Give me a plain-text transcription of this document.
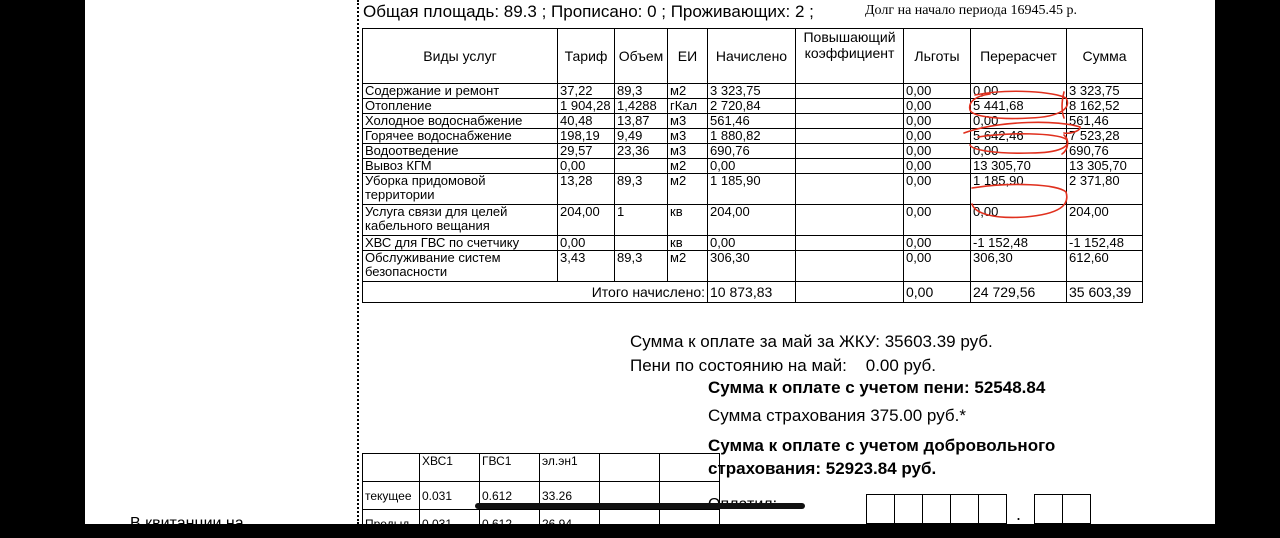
Общая площадь: 89.3 ; Прописано: 0 ; Проживающих: 2 ;	Долг на начало периода 16945.45 р.
Виды услуг	Тариф	Объем	ЕИ	Начислено	Повышающий коэффициент	Льготы	Перерасчет	Сумма
Содержание и ремонт	37,22	89,3	м2	3 323,75		0,00	0,00	3 323,75
Отопление	1 904,28	1,4288	гКал	2 720,84		0,00	5 441,68	8 162,52
Холодное водоснабжение	40,48	13,87	м3	561,46		0,00	0,00	561,46
Горячее водоснабжение	198,19	9,49	м3	1 880,82		0,00	5 642,46	7 523,28
Водоотведение	29,57	23,36	м3	690,76		0,00	0,00	690,76
Вывоз КГМ	0,00		м2	0,00		0,00	13 305,70	13 305,70
Уборка придомовой территории	13,28	89,3	м2	1 185,90		0,00	1 185,90	2 371,80
Услуга связи для целей кабельного вещания	204,00	1	кв	204,00		0,00	0,00	204,00
ХВС для ГВС по счетчику	0,00		кв	0,00		0,00	-1 152,48	-1 152,48
Обслуживание систем безопасности	3,43	89,3	м2	306,30		0,00	306,30	612,60
Итого начислено:				10 873,83		0,00	24 729,56	35 603,39
Сумма к оплате за май за ЖКУ: 35603.39 руб.
Пени по состоянию на май:    0.00 руб.
Сумма к оплате с учетом пени: 52548.84
Сумма страхования 375.00 руб.*
Сумма к оплате с учетом добровольного
страхования: 52923.84 руб.
	ХВС1	ГВС1	эл.эн1		
текущее	0.031	0.612	33.26		
Предыд	0.031	0.612	26.94			.
В квитанции на
